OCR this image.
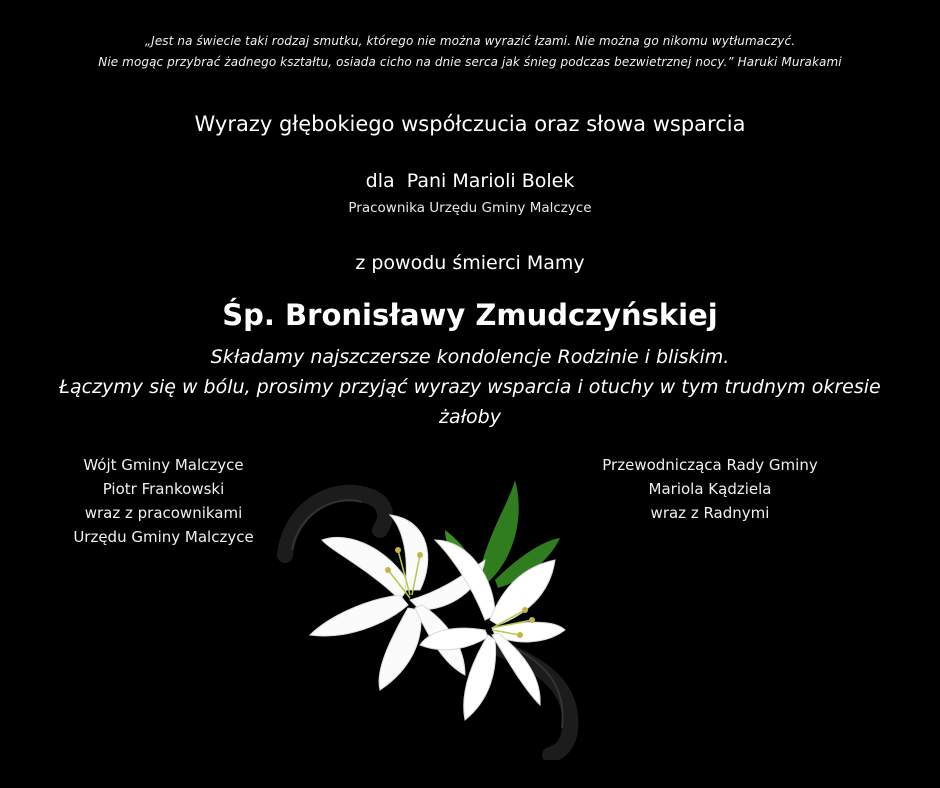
„Jest na świecie taki rodzaj smutku, którego nie można wyrazić łzami. Nie można go nikomu wytłumaczyć.
Nie mogąc przybrać żadnego kształtu, osiada cicho na dnie serca jak śnieg podczas bezwietrznej nocy.” Haruki Murakami
Wyrazy głębokiego współczucia oraz słowa wsparcia
dla  Pani Marioli Bolek
Pracownika Urzędu Gminy Malczyce
z powodu śmierci Mamy
Śp. Bronisławy Zmudczyńskiej
Składamy najszczersze kondolencje Rodzinie i bliskim.
Łączymy się w bólu, prosimy przyjąć wyrazy wsparcia i otuchy w tym trudnym okresie
żałoby
Wójt Gminy Malczyce
Piotr Frankowski
wraz z pracownikami
Urzędu Gminy Malczyce
Przewodnicząca Rady Gminy
Mariola Kądziela
wraz z Radnymi
